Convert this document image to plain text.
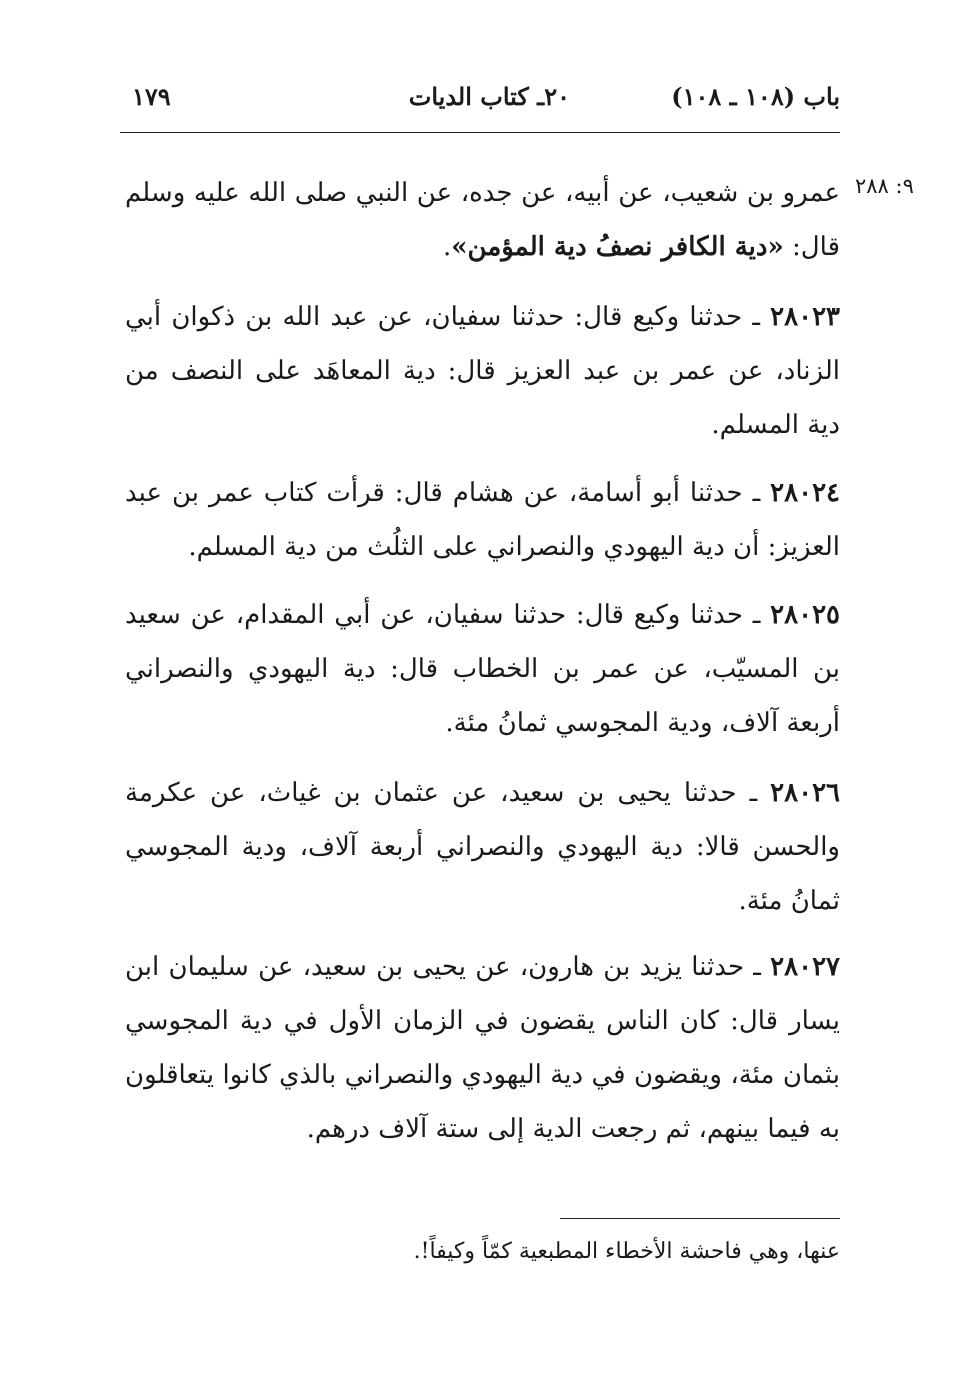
باب (١٠٨ ـ ١٠٨)
٢٠ـ كتاب الديات
١٧٩
٩: ٢٨٨
عمرو بن شعيب، عن أبيه، عن جده، عن النبي صلى الله عليه وسلم قال: «دية الكافر نصفُ دية المؤمن».
٢٨٠٢٣ ـ حدثنا وكيع قال: حدثنا سفيان، عن عبد الله بن ذكوان أبي الزناد، عن عمر بن عبد العزيز قال: دية المعاهَد على النصف من دية المسلم.
٢٨٠٢٤ ـ حدثنا أبو أسامة، عن هشام قال: قرأت كتاب عمر بن عبد العزيز: أن دية اليهودي والنصراني على الثلُث من دية المسلم.
٢٨٠٢٥ ـ حدثنا وكيع قال: حدثنا سفيان، عن أبي المقدام، عن سعيد بن المسيّب، عن عمر بن الخطاب قال: دية اليهودي والنصراني أربعة آلاف، ودية المجوسي ثمانُ مئة.
٢٨٠٢٦ ـ حدثنا يحيى بن سعيد، عن عثمان بن غياث، عن عكرمة والحسن قالا: دية اليهودي والنصراني أربعة آلاف، ودية المجوسي ثمانُ مئة.
٢٨٠٢٧ ـ حدثنا يزيد بن هارون، عن يحيى بن سعيد، عن سليمان ابن يسار قال: كان الناس يقضون في الزمان الأول في دية المجوسي بثمان مئة، ويقضون في دية اليهودي والنصراني بالذي كانوا يتعاقلون به فيما بينهم، ثم رجعت الدية إلى ستة آلاف درهم.
عنها، وهي فاحشة الأخطاء المطبعية كمّاً وكيفاً!.
